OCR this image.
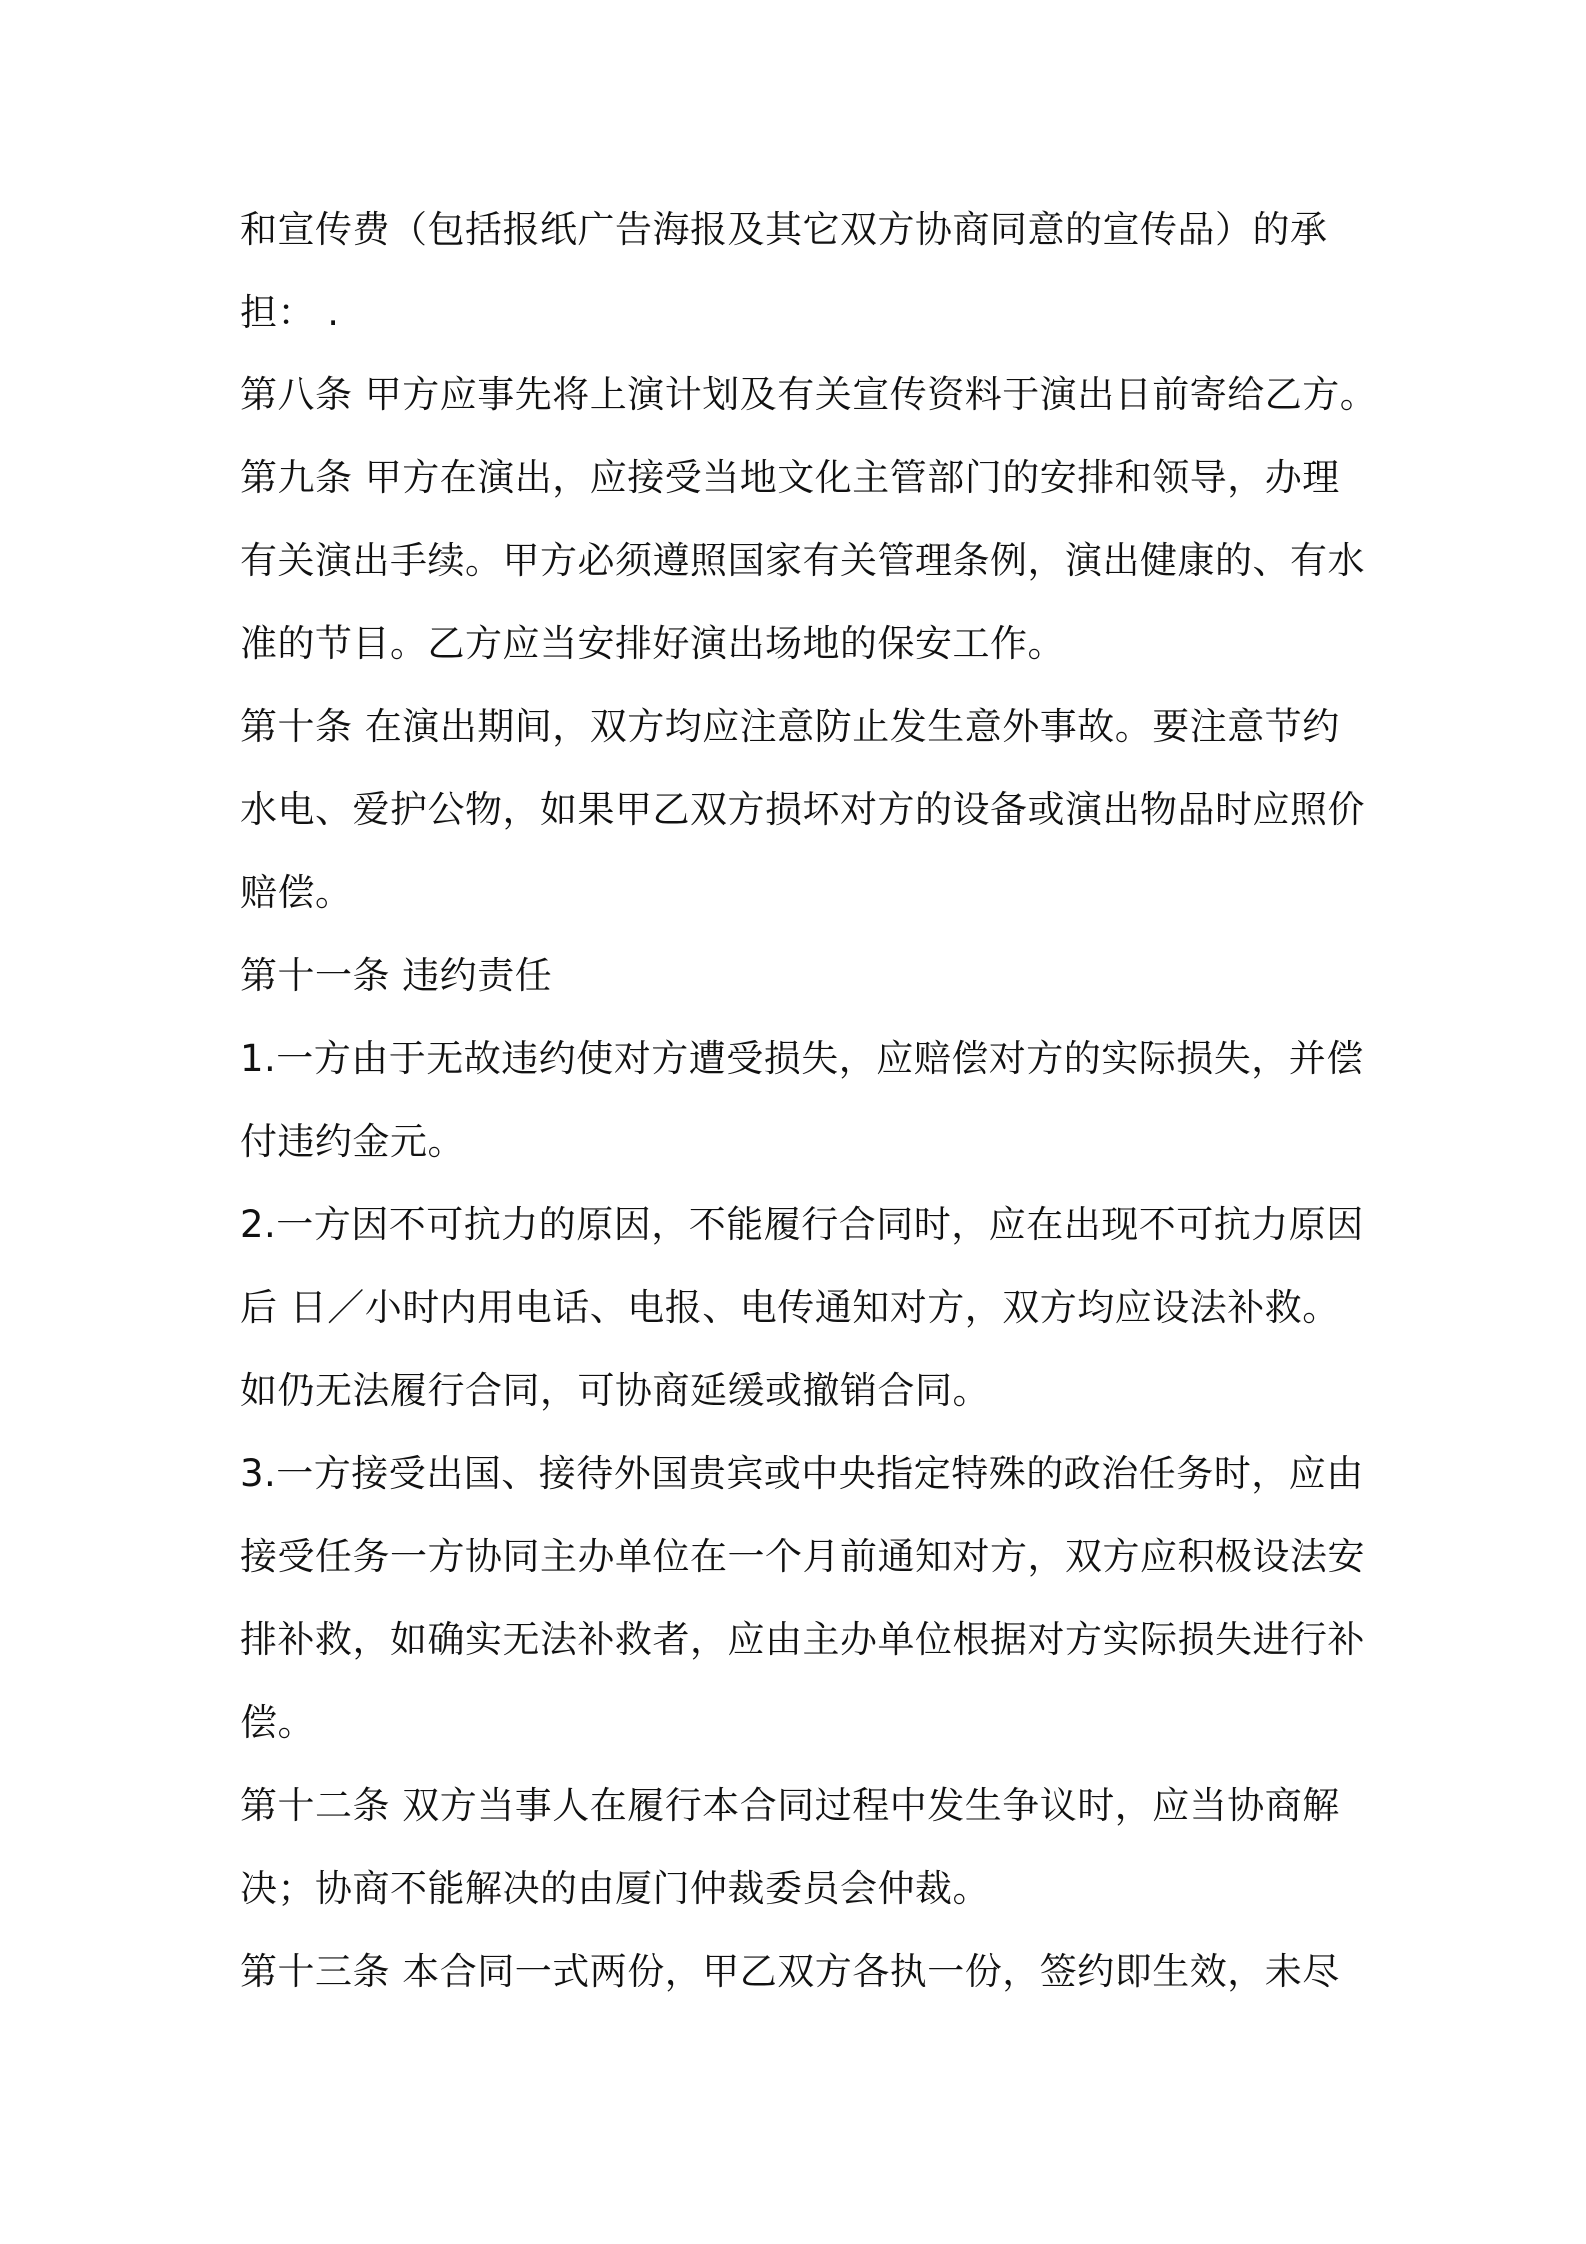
和宣传费（包括报纸广告海报及其它双方协商同意的宣传品）的承
担： .
第八条 甲方应事先将上演计划及有关宣传资料于演出日前寄给乙方。
第九条 甲方在演出，应接受当地文化主管部门的安排和领导，办理
有关演出手续。甲方必须遵照国家有关管理条例，演出健康的、有水
准的节目。乙方应当安排好演出场地的保安工作。
第十条 在演出期间，双方均应注意防止发生意外事故。要注意节约
水电、爱护公物，如果甲乙双方损坏对方的设备或演出物品时应照价
赔偿。
第十一条 违约责任
1.一方由于无故违约使对方遭受损失，应赔偿对方的实际损失，并偿
付违约金元。
2.一方因不可抗力的原因，不能履行合同时，应在出现不可抗力原因
后 日／小时内用电话、电报、电传通知对方，双方均应设法补救。
如仍无法履行合同，可协商延缓或撤销合同。
3.一方接受出国、接待外国贵宾或中央指定特殊的政治任务时，应由
接受任务一方协同主办单位在一个月前通知对方，双方应积极设法安
排补救，如确实无法补救者，应由主办单位根据对方实际损失进行补
偿。
第十二条 双方当事人在履行本合同过程中发生争议时，应当协商解
决；协商不能解决的由厦门仲裁委员会仲裁。
第十三条 本合同一式两份，甲乙双方各执一份，签约即生效，未尽
